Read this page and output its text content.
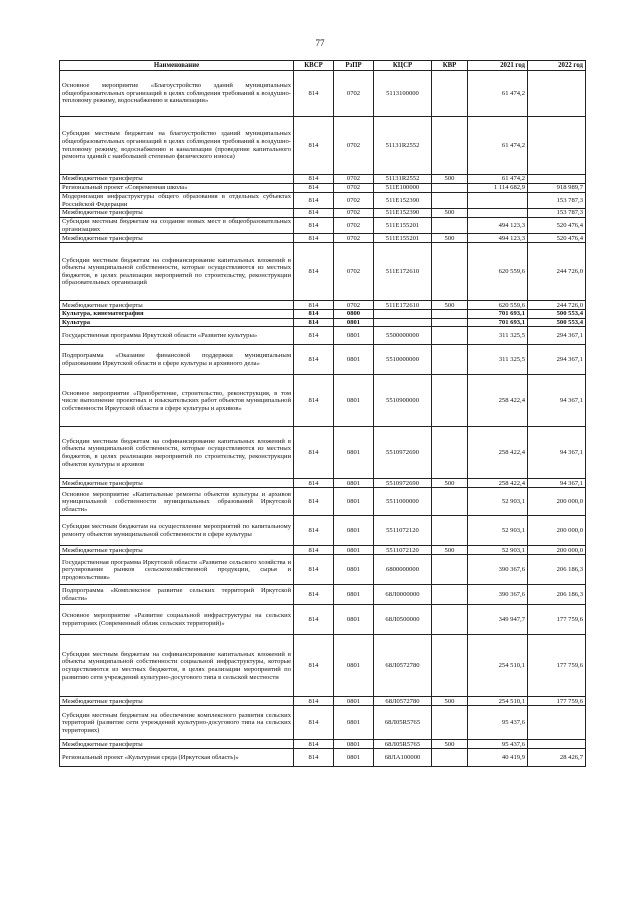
77
Наименование	КВСР	РзПР	КЦСР	КВР	2021 год	2022 год
Основное мероприятие «Благоустройство зданий муниципальных общеобразовательных организаций в целях соблюдения требований к воздушно-тепловому режиму, водоснабжению и канализации»	814	0702	5113100000		61 474,2	
Субсидии местным бюджетам на благоустройство зданий муниципальных общеобразовательных организаций в целях соблюдения требований к воздушно-тепловому режиму, водоснабжению и канализации (проведение капитального ремонта зданий с наибольшей степенью физического износа)	814	0702	51131R2552		61 474,2	
Межбюджетные трансферты	814	0702	51131R2552	500	61 474,2	
Региональный проект «Современная школа»	814	0702	511E100000		1 114 682,9	918 989,7
Модернизация инфраструктуры общего образования в отдельных субъектах Российской Федерации	814	0702	511E152390			153 787,3
Межбюджетные трансферты	814	0702	511E152390	500		153 787,3
Субсидии местным бюджетам на создание новых мест в общеобразовательных организациях	814	0702	511E155201		494 123,3	520 476,4
Межбюджетные трансферты	814	0702	511E155201	500	494 123,3	520 476,4
Субсидии местным бюджетам на софинансирование капитальных вложений в объекты муниципальной собственности, которые осуществляются из местных бюджетов, в целях реализации мероприятий по строительству, реконструкции образовательных организаций	814	0702	511E172610		620 559,6	244 726,0
Межбюджетные трансферты	814	0702	511E172610	500	620 559,6	244 726,0
Культура, кинематография	814	0800			701 693,1	500 553,4
Культура	814	0801			701 693,1	500 553,4
Государственная программа Иркутской области «Развитие культуры»	814	0801	5500000000		311 325,5	294 367,1
Подпрограмма «Оказание финансовой поддержки муниципальным образованиям Иркутской области в сфере культуры и архивного дела»	814	0801	5510000000		311 325,5	294 367,1
Основное мероприятие «Приобретение, строительство, реконструкция, в том числе выполнение проектных и изыскательских работ объектов муниципальной собственности Иркутской области в сфере культуры и архивов»	814	0801	5510900000		258 422,4	94 367,1
Субсидии местным бюджетам на софинансирование капитальных вложений в объекты муниципальной собственности, которые осуществляются из местных бюджетов, в целях реализации мероприятий по строительству, реконструкции объектов культуры и архивов	814	0801	5510972690		258 422,4	94 367,1
Межбюджетные трансферты	814	0801	5510972690	500	258 422,4	94 367,1
Основное мероприятие «Капитальные ремонты объектов культуры и архивов муниципальной собственности муниципальных образований Иркутской области»	814	0801	5511000000		52 903,1	200 000,0
Субсидии местным бюджетам на осуществление мероприятий по капитальному ремонту объектов муниципальной собственности в сфере культуры	814	0801	5511072120		52 903,1	200 000,0
Межбюджетные трансферты	814	0801	5511072120	500	52 903,1	200 000,0
Государственная программа Иркутской области «Развитие сельского хозяйства и регулирование рынков сельскохозяйственной продукции, сырья и продовольствия»	814	0801	6800000000		390 367,6	206 186,3
Подпрограмма «Комплексное развитие сельских территорий Иркутской области»	814	0801	68Л0000000		390 367,6	206 186,3
Основное мероприятие «Развитие социальной инфраструктуры на сельских территориях (Современный облик сельских территорий)»	814	0801	68Л0500000		349 947,7	177 759,6
Субсидии местным бюджетам на софинансирование капитальных вложений в объекты муниципальной собственности социальной инфраструктуры, которые осуществляются из местных бюджетов, в целях реализации мероприятий по развитию сети учреждений культурно-досугового типа в сельской местности	814	0801	68Л0572780		254 510,1	177 759,6
Межбюджетные трансферты	814	0801	68Л0572780	500	254 510,1	177 759,6
Субсидии местным бюджетам на обеспечение комплексного развития сельских территорий (развитие сети учреждений культурно-досугового типа на сельских территориях)	814	0801	68Л05R5765		95 437,6	
Межбюджетные трансферты	814	0801	68Л05R5765	500	95 437,6	
Региональный проект «Культурная среда (Иркутская область)»	814	0801	68ЛA100000		40 419,9	28 426,7
